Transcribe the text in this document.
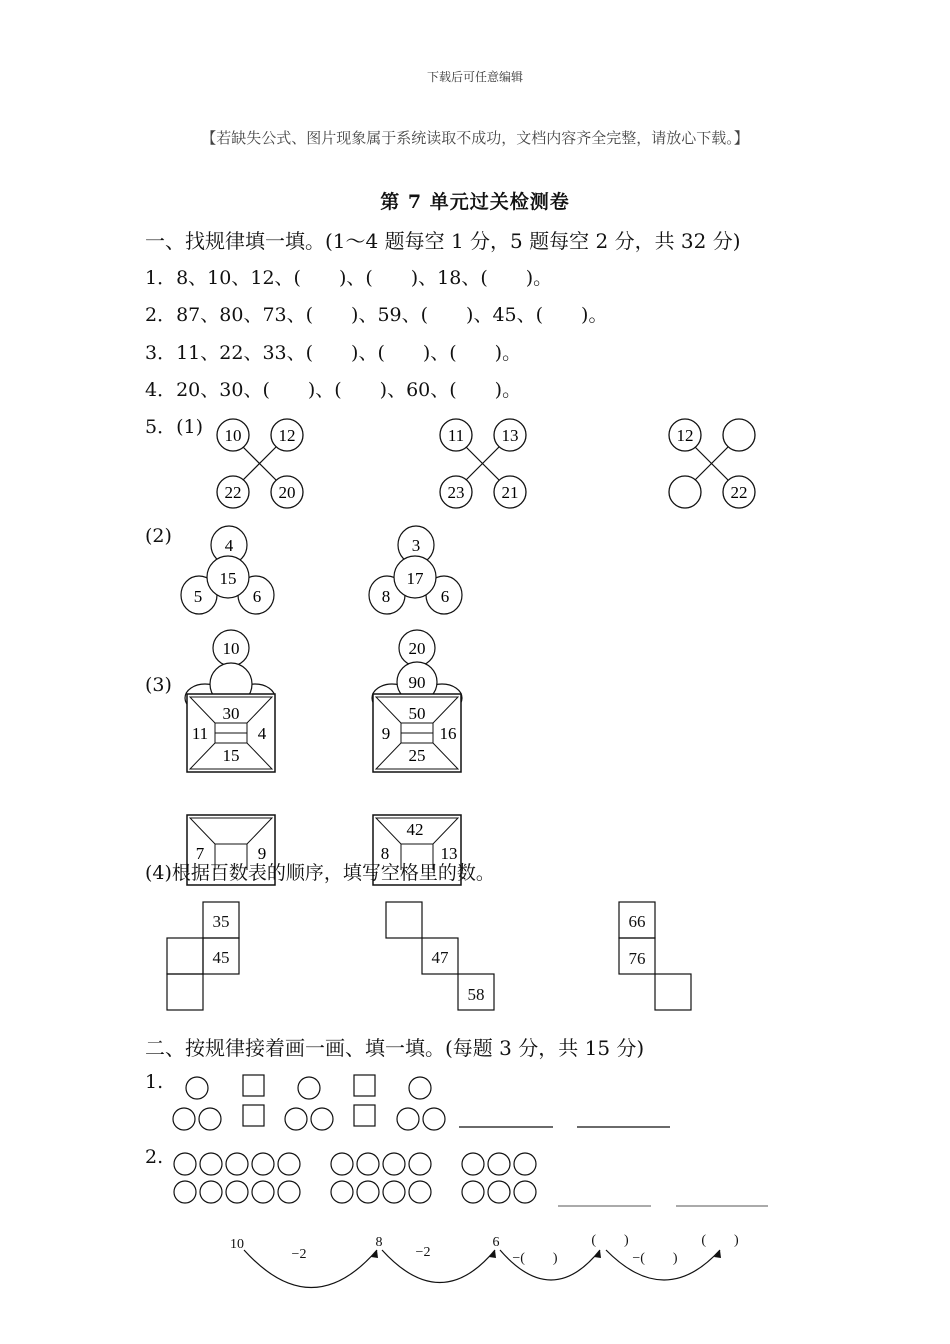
下载后可任意编辑
【若缺失公式、图片现象属于系统读取不成功，文档内容齐全完整，请放心下载。】
第 7 单元过关检测卷
一、找规律填一填。(1～4 题每空 1 分，5 题每空 2 分，共 32 分)
1．8、10、12、(　　)、(　　)、18、(　　)。
2．87、80、73、(　　)、59、(　　)、45、(　　)。
3．11、22、33、(　　)、(　　)、(　　)。
4．20、30、(　　)、(　　)、60、(　　)。
5．(1) 10 12
22 20
11 13
23 21
12
22
4
15
5	6
3
17
8	6
10
30
11	4
15
20
90
50
9	16
25
7	9
42
8	13
35
45	47
58
66
76
10	8	6
−2	−2	−(　　)	−(　　)
(　　)	(　　)
(2)
(3)
(4)根据百数表的顺序，填写空格里的数。
二、按规律接着画一画、填一填。(每题 3 分，共 15 分)
1.
2.
